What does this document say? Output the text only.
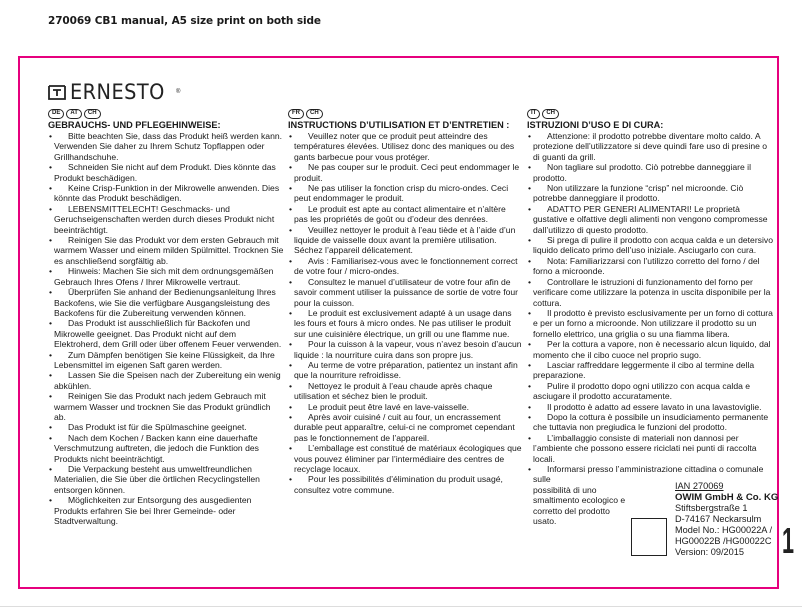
270069 CB1 manual, A5 size print on both side
ERNESTO ®
DE	AT	CH
GEBRAUCHS- UND PFLEGEHINWEISE:
•	Bitte beachten Sie, dass das Produkt heiß werden kann. Verwenden Sie daher zu Ihrem Schutz Topflappen oder Grillhandschuhe.
•	Schneiden Sie nicht auf dem Produkt. Dies könnte das Produkt beschädigen.
•	Keine Crisp-Funktion in der Mikrowelle anwenden. Dies könnte das Produkt beschädigen.
•	LEBENSMITTELECHT! Geschmacks- und Geruchseigenschaften werden durch dieses Produkt nicht beeinträchtigt.
•	Reinigen Sie das Produkt vor dem ersten Gebrauch mit warmem Wasser und einem milden Spülmittel. Trocknen Sie es anschließend sorgfältig ab.
•	Hinweis: Machen Sie sich mit dem ordnungsgemäßen Gebrauch Ihres Ofens / Ihrer Mikrowelle vertraut.
•	Überprüfen Sie anhand der Bedienungsanleitung Ihres Backofens, wie Sie die verfügbare Ausgangsleistung des Backofens für die Zubereitung verwenden können.
•	Das Produkt ist ausschließlich für Backofen und Mikrowelle geeignet. Das Produkt nicht auf dem Elektroherd, dem Grill oder über offenem Feuer verwenden.
•	Zum Dämpfen benötigen Sie keine Flüssigkeit, da Ihre Lebensmittel im eigenen Saft garen werden.
•	Lassen Sie die Speisen nach der Zubereitung ein wenig abkühlen.
•	Reinigen Sie das Produkt nach jedem Gebrauch mit warmem Wasser und trocknen Sie das Produkt gründlich ab.
•	Das Produkt ist für die Spülmaschine geeignet.
•	Nach dem Kochen / Backen kann eine dauerhafte Verschmutzung auftreten, die jedoch die Funktion des Produkts nicht beeinträchtigt.
•	Die Verpackung besteht aus umweltfreundlichen Materialien, die Sie über die örtlichen Recyclingstellen entsorgen können.
•	Möglichkeiten zur Entsorgung des ausgedienten Produkts erfahren Sie bei Ihrer Gemeinde- oder Stadtverwaltung.
FR	CH
INSTRUCTIONS D’UTILISATION ET D’ENTRETIEN :
•	Veuillez noter que ce produit peut atteindre des températures élevées. Utilisez donc des maniques ou des gants barbecue pour vous protéger.
•	Ne pas couper sur le produit. Ceci peut endommager le produit.
•	Ne pas utiliser la fonction crisp du micro-ondes. Ceci peut endommager le produit.
•	Le produit est apte au contact alimentaire et n’altère pas les propriétés de goût ou d’odeur des denrées.
•	Veuillez nettoyer le produit à l’eau tiède et à l’aide d’un liquide de vaisselle doux avant la première utilisation. Séchez l’appareil délicatement.
•	Avis : Familiarisez-vous avec le fonctionnement correct de votre four / micro-ondes.
•	Consultez le manuel d’utilisateur de votre four afin de savoir comment utiliser la puissance de sortie de votre four pour la cuisson.
•	Le produit est exclusivement adapté à un usage dans les fours et fours à micro ondes. Ne pas utiliser le produit sur une cuisinière électrique, un grill ou une flamme nue.
•	Pour la cuisson à la vapeur, vous n’avez besoin d’aucun liquide : la nourriture cuira dans son propre jus.
•	Au terme de votre préparation, patientez un instant afin que la nourriture refroidisse.
•	Nettoyez le produit à l’eau chaude après chaque utilisation et séchez bien le produit.
•	Le produit peut être lavé en lave-vaisselle.
•	Après avoir cuisiné / cuit au four, un encrassement durable peut apparaître, celui-ci ne compromet cependant pas le fonctionnement de l’appareil.
•	L’emballage est constitué de matériaux écologiques que vous pouvez éliminer par l’intermédiaire des centres de recyclage locaux.
•	Pour les possibilités d’élimination du produit usagé, consultez votre commune.
IT	CH
ISTRUZIONI D’USO E DI CURA:
•	Attenzione: il prodotto potrebbe diventare molto caldo. A protezione dell’utilizzatore si deve quindi fare uso di presine o di guanti da grill.
•	Non tagliare sul prodotto. Ciò potrebbe danneggiare il prodotto.
•	Non utilizzare la funzione “crisp” nel microonde. Ciò potrebbe danneggiare il prodotto.
•	ADATTO PER GENERI ALIMENTARI! Le proprietà gustative e olfattive degli alimenti non vengono compromesse dall’utilizzo di questo prodotto.
•	Si prega di pulire il prodotto con acqua calda e un detersivo liquido delicato primo dell’uso iniziale. Asciugarlo con cura.
•	Nota: Familiarizzarsi con l’utilizzo corretto del forno / del forno a microonde.
•	Controllare le istruzioni di funzionamento del forno per verificare come utilizzare la potenza in uscita disponibile per la cottura.
•	Il prodotto è previsto esclusivamente per un forno di cottura e per un forno a microonde. Non utilizzare il prodotto su un fornello elettrico, una griglia o su una fiamma libera.
•	Per la cottura a vapore, non è necessario alcun liquido, dal momento che il cibo cuoce nel proprio sugo.
•	Lasciar raffreddare leggermente il cibo al termine della preparazione.
•	Pulire il prodotto dopo ogni utilizzo con acqua calda e asciugare il prodotto accuratamente.
•	Il prodotto è adatto ad essere lavato in una lavastoviglie.
•	Dopo la cottura è possibile un insudiciamento permanente che tuttavia non pregiudica le funzioni del prodotto.
•	L’imballaggio consiste di materiali non dannosi per l’ambiente che possono essere riciclati nei punti di raccolta locali.
•	Informarsi presso l’amministrazione cittadina o comunale sulle
possibilità di uno smaltimento ecologico e corretto del prodotto usato.
IAN 270069
OWIM GmbH & Co. KG
Stiftsbergstraße 1
D-74167 Neckarsulm
Model No.: HG00022A /
HG00022B /HG00022C
Version: 09/2015	1
